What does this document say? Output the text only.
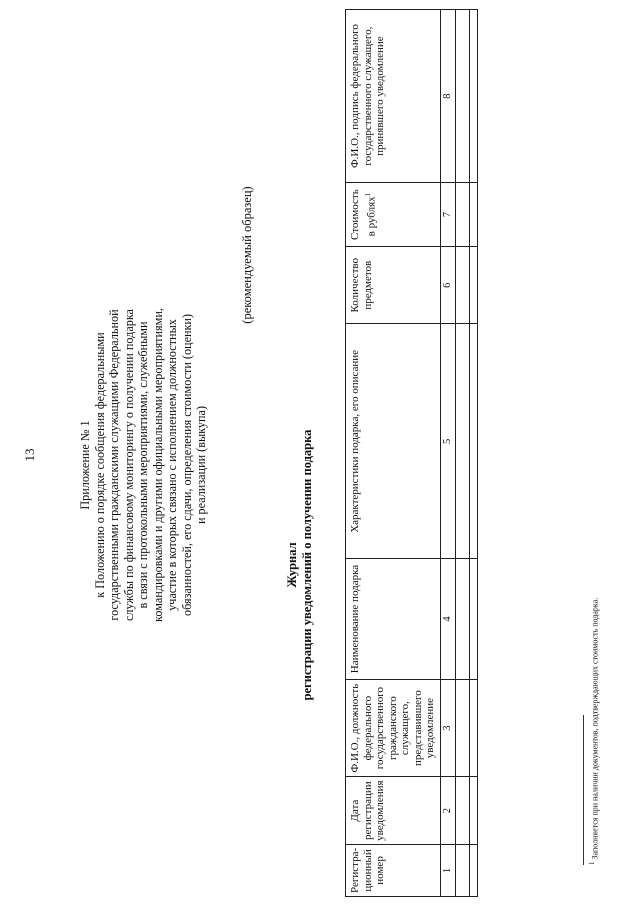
13	Приложение № 1 к Положению о порядке сообщения федеральными государственными гражданскими служащими Федеральной службы по финансовому мониторингу о получении подарка в связи с протокольными мероприятиями, служебными командировками и другими официальными мероприятиями, участие в которых связано с исполнением должностных обязанностей, его сдачи, определения стоимости (оценки) и реализации (выкупа)
(рекомендуемый образец)
Журнал регистрации уведомлений о получении подарка
Регистра-ционный номер	Дата регистрации уведомления	Ф.И.О., должность федерального государственного гражданского служащего, представившего уведомление	Наименование подарка	Характеристики подарка, его описание	Количество предметов	Стоимость в рублях$^1$	Ф.И.О., подпись федерального государственного служащего, принявшего уведомление
1	2	3	4	5	6	7	8

$^1$ Заполняется при наличии документов, подтверждающих стоимость подарка.
